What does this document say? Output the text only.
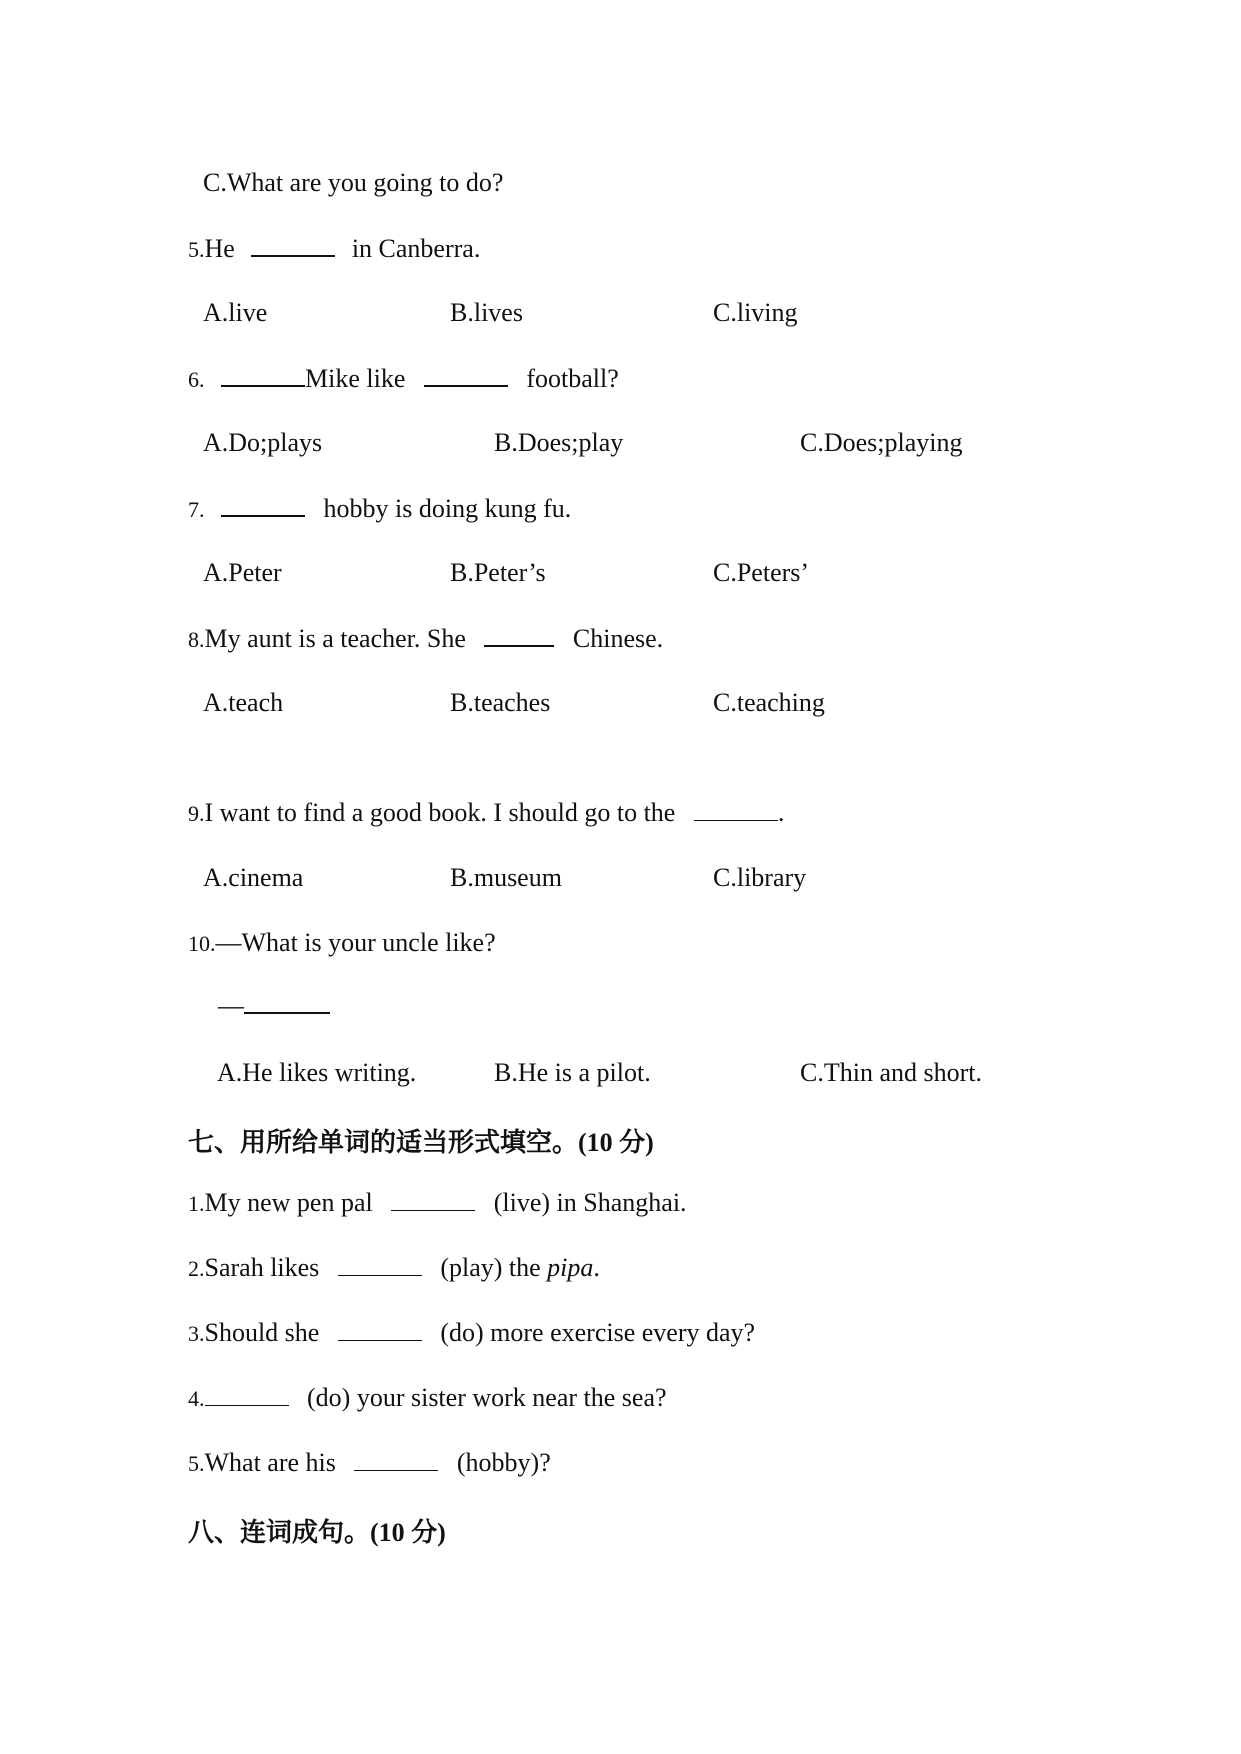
C.What are you going to do?
5.He	in Canberra.
A.live	B.lives	C.living
6.	Mike like	football?
A.Do;plays	B.Does;play	C.Does;playing
7.	hobby is doing kung fu.
A.Peter	B.Peter’s	C.Peters’
8.My aunt is a teacher. She	Chinese.
A.teach	B.teaches	C.teaching
9.I want to find a good book. I should go to the	.
A.cinema	B.museum	C.library
10.—What is your uncle like?
—
A.He likes writing.	B.He is a pilot.	C.Thin and short.
七、用所给单词的适当形式填空。(10 分)
1.My new pen pal	(live) in Shanghai.
2.Sarah likes	(play) the pipa.
3.Should she	(do) more exercise every day?
4.	(do) your sister work near the sea?
5.What are his	(hobby)?
八、连词成句。(10 分)
